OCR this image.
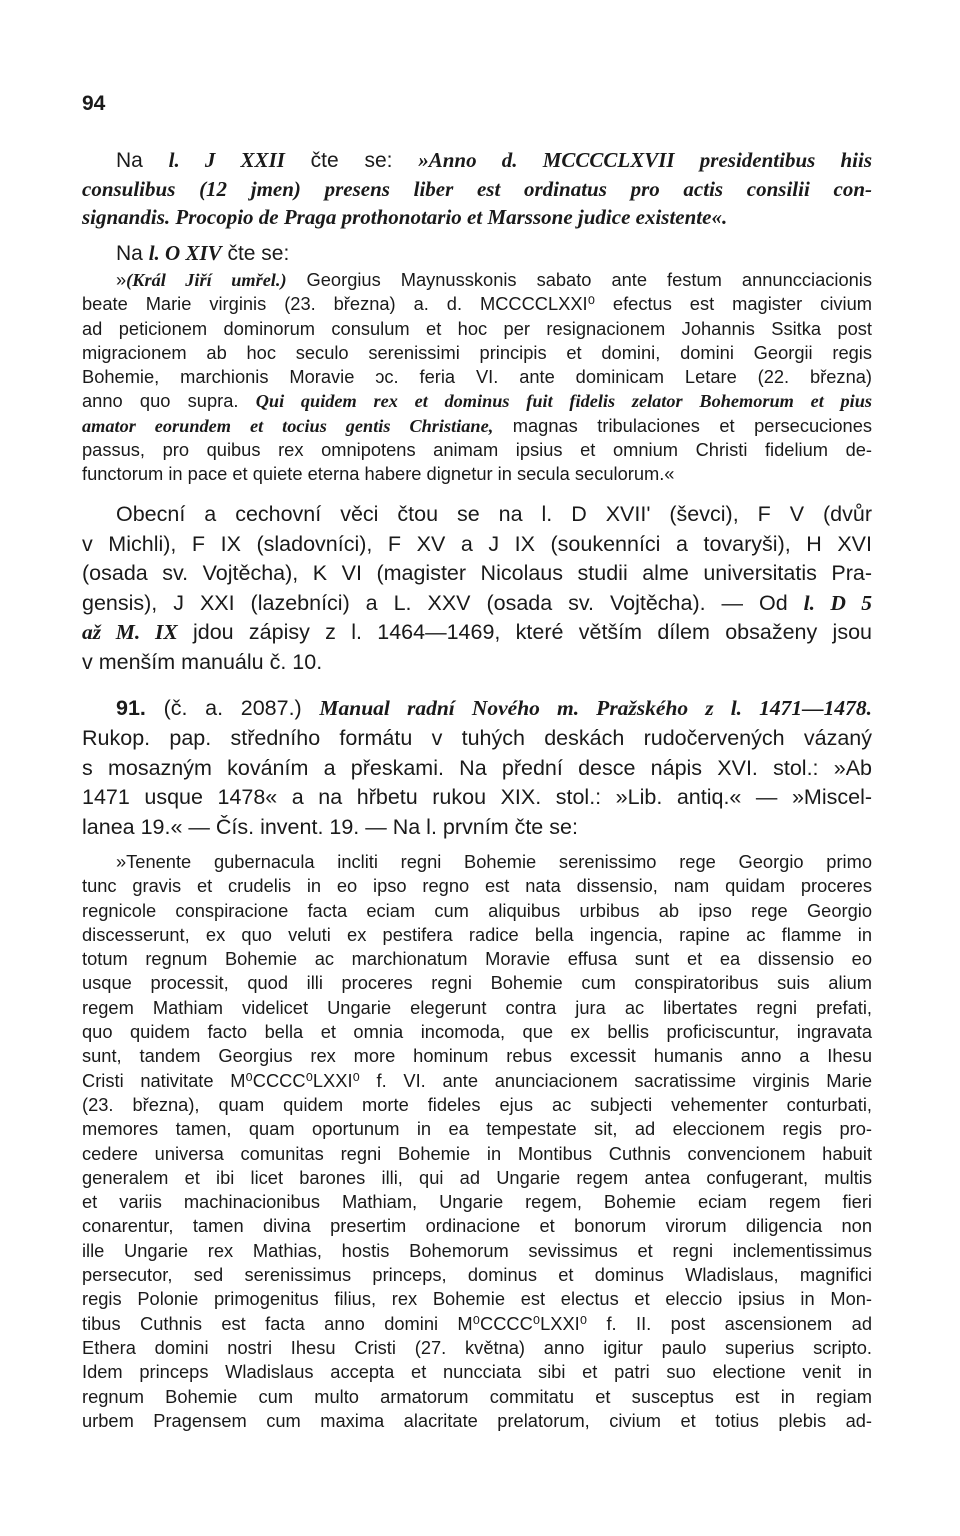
94
Na l. J XXII čte se: »Anno d. MCCCCLXVII presidentibus hiis
consulibus (12 jmen) presens liber est ordinatus pro actis consilii con-
signandis. Procopio de Praga prothonotario et Marssone judice existente«.
Na l. O XIV čte se:
»(Král Jiří umřel.) Georgius Maynusskonis sabato ante festum annuncciacionis
beate Marie virginis (23. března) a. d. MCCCCLXXI⁰ efectus est magister civium
ad peticionem dominorum consulum et hoc per resignacionem Johannis Ssitka post
migracionem ab hoc seculo serenissimi principis et domini, domini Georgii regis
Bohemie, marchionis Moravie ɔc. feria VI. ante dominicam Letare (22. března)
anno quo supra. Qui quidem rex et dominus fuit fidelis zelator Bohemorum et pius
amator eorundem et tocius gentis Christiane, magnas tribulaciones et persecuciones
passus, pro quibus rex omnipotens animam ipsius et omnium Christi fidelium de-
functorum in pace et quiete eterna habere dignetur in secula seculorum.«
Obecní a cechovní věci čtou se na l. D XVII' (ševci), F V (dvůr
v Michli), F IX (sladovníci), F XV a J IX (soukenníci a tovaryši), H XVI
(osada sv. Vojtěcha), K VI (magister Nicolaus studii alme universitatis Pra-
gensis), J XXI (lazebníci) a L. XXV (osada sv. Vojtěcha). — Od l. D 5
až M. IX jdou zápisy z l. 1464—1469, které větším dílem obsaženy jsou
v menším manuálu č. 10.
91. (č. a. 2087.) Manual radní Nového m. Pražského z l. 1471—1478.
Rukop. pap. středního formátu v tuhých deskách rudočervených vázaný
s mosazným kováním a přeskami. Na přední desce nápis XVI. stol.: »Ab
1471 usque 1478« a na hřbetu rukou XIX. stol.: »Lib. antiq.« — »Miscel-
lanea 19.« — Čís. invent. 19. — Na l. prvním čte se:
»Tenente gubernacula incliti regni Bohemie serenissimo rege Georgio primo
tunc gravis et crudelis in eo ipso regno est nata dissensio, nam quidam proceres
regnicole conspiracione facta eciam cum aliquibus urbibus ab ipso rege Georgio
discesserunt, ex quo veluti ex pestifera radice bella ingencia, rapine ac flamme in
totum regnum Bohemie ac marchionatum Moravie effusa sunt et ea dissensio eo
usque processit, quod illi proceres regni Bohemie cum conspiratoribus suis alium
regem Mathiam videlicet Ungarie elegerunt contra jura ac libertates regni prefati,
quo quidem facto bella et omnia incomoda, que ex bellis proficiscuntur, ingravata
sunt, tandem Georgius rex more hominum rebus excessit humanis anno a Ihesu
Cristi nativitate M⁰CCCC⁰LXXI⁰ f. VI. ante anunciacionem sacratissime virginis Marie
(23. března), quam quidem morte fideles ejus ac subjecti vehementer conturbati,
memores tamen, quam oportunum in ea tempestate sit, ad eleccionem regis pro-
cedere universa comunitas regni Bohemie in Montibus Cuthnis convencionem habuit
generalem et ibi licet barones illi, qui ad Ungarie regem antea confugerant, multis
et variis machinacionibus Mathiam, Ungarie regem, Bohemie eciam regem fieri
conarentur, tamen divina presertim ordinacione et bonorum virorum diligencia non
ille Ungarie rex Mathias, hostis Bohemorum sevissimus et regni inclementissimus
persecutor, sed serenissimus princeps, dominus et dominus Wladislaus, magnifici
regis Polonie primogenitus filius, rex Bohemie est electus et eleccio ipsius in Mon-
tibus Cuthnis est facta anno domini M⁰CCCC⁰LXXI⁰ f. II. post ascensionem ad
Ethera domini nostri Ihesu Cristi (27. května) anno igitur paulo superius scripto.
Idem princeps Wladislaus accepta et nuncciata sibi et patri suo electione venit in
regnum Bohemie cum multo armatorum commitatu et susceptus est in regiam
urbem Pragensem cum maxima alacritate prelatorum, civium et totius plebis ad-
